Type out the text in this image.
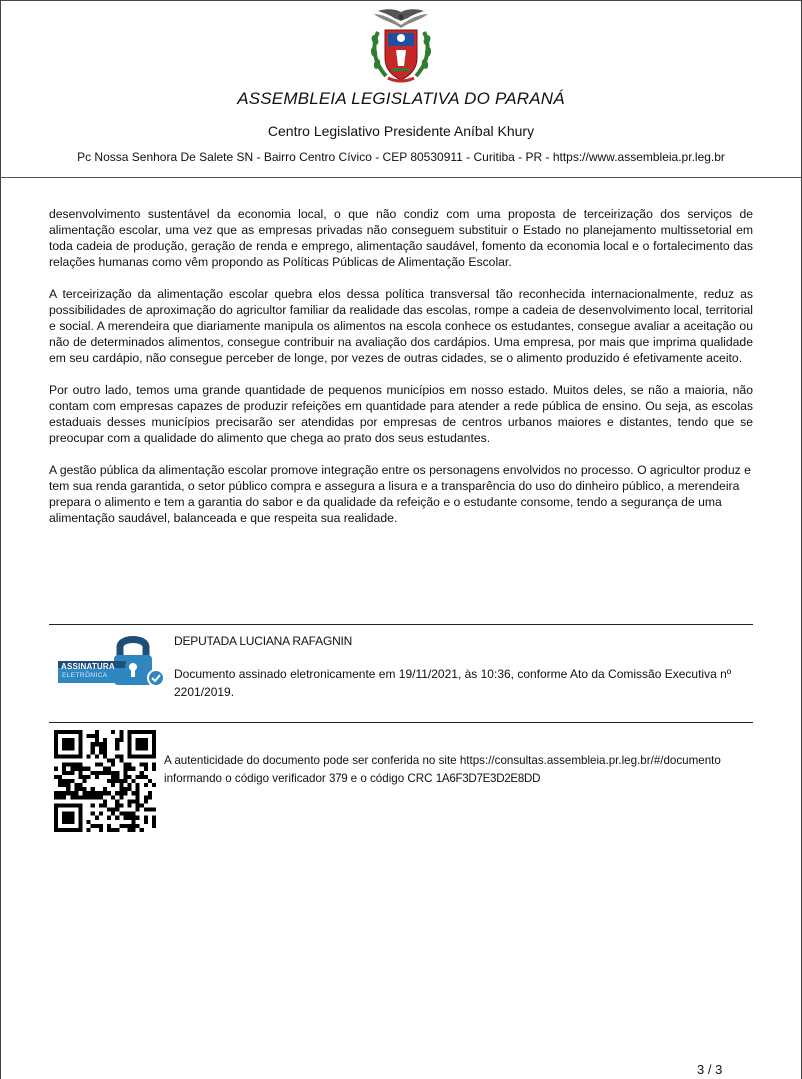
ASSEMBLEIA LEGISLATIVA DO PARANÁ
Centro Legislativo Presidente Aníbal Khury
Pc Nossa Senhora De Salete SN - Bairro Centro Cívico - CEP 80530911 - Curitiba - PR - https://www.assembleia.pr.leg.br

desenvolvimento sustentável da economia local, o que não condiz com uma proposta de terceirização dos serviços de alimentação escolar, uma vez que as empresas privadas não conseguem substituir o Estado no planejamento multissetorial em toda cadeia de produção, geração de renda e emprego, alimentação saudável, fomento da economia local e o fortalecimento das relações humanas como vêm propondo as Políticas Públicas de Alimentação Escolar.

A terceirização da alimentação escolar quebra elos dessa política transversal tão reconhecida internacionalmente, reduz as possibilidades de aproximação do agricultor familiar da realidade das escolas, rompe a cadeia de desenvolvimento local, territorial e social. A merendeira que diariamente manipula os alimentos na escola conhece os estudantes, consegue avaliar a aceitação ou não de determinados alimentos, consegue contribuir na avaliação dos cardápios. Uma empresa, por mais que imprima qualidade em seu cardápio, não consegue perceber de longe, por vezes de outras cidades, se o alimento produzido é efetivamente aceito.

Por outro lado, temos uma grande quantidade de pequenos municípios em nosso estado. Muitos deles, se não a maioria, não contam com empresas capazes de produzir refeições em quantidade para atender a rede pública de ensino. Ou seja, as escolas estaduais desses municípios precisarão ser atendidas por empresas de centros urbanos maiores e distantes, tendo que se preocupar com a qualidade do alimento que chega ao prato dos seus estudantes.

A gestão pública da alimentação escolar promove integração entre os personagens envolvidos no processo. O agricultor produz e tem sua renda garantida, o setor público compra e assegura a lisura e a transparência do uso do dinheiro público, a merendeira prepara o alimento e tem a garantia do sabor e da qualidade da refeição e o estudante consome, tendo a segurança de uma alimentação saudável, balanceada e que respeita sua realidade.

ASSINATURA
ELETRÔNICA
DEPUTADA LUCIANA RAFAGNIN
Documento assinado eletronicamente em 19/11/2021, às 10:36, conforme Ato da Comissão Executiva nº 2201/2019.
A autenticidade do documento pode ser conferida no site https://consultas.assembleia.pr.leg.br/#/documento informando o código verificador 379 e o código CRC 1A6F3D7E3D2E8DD
3 / 3
